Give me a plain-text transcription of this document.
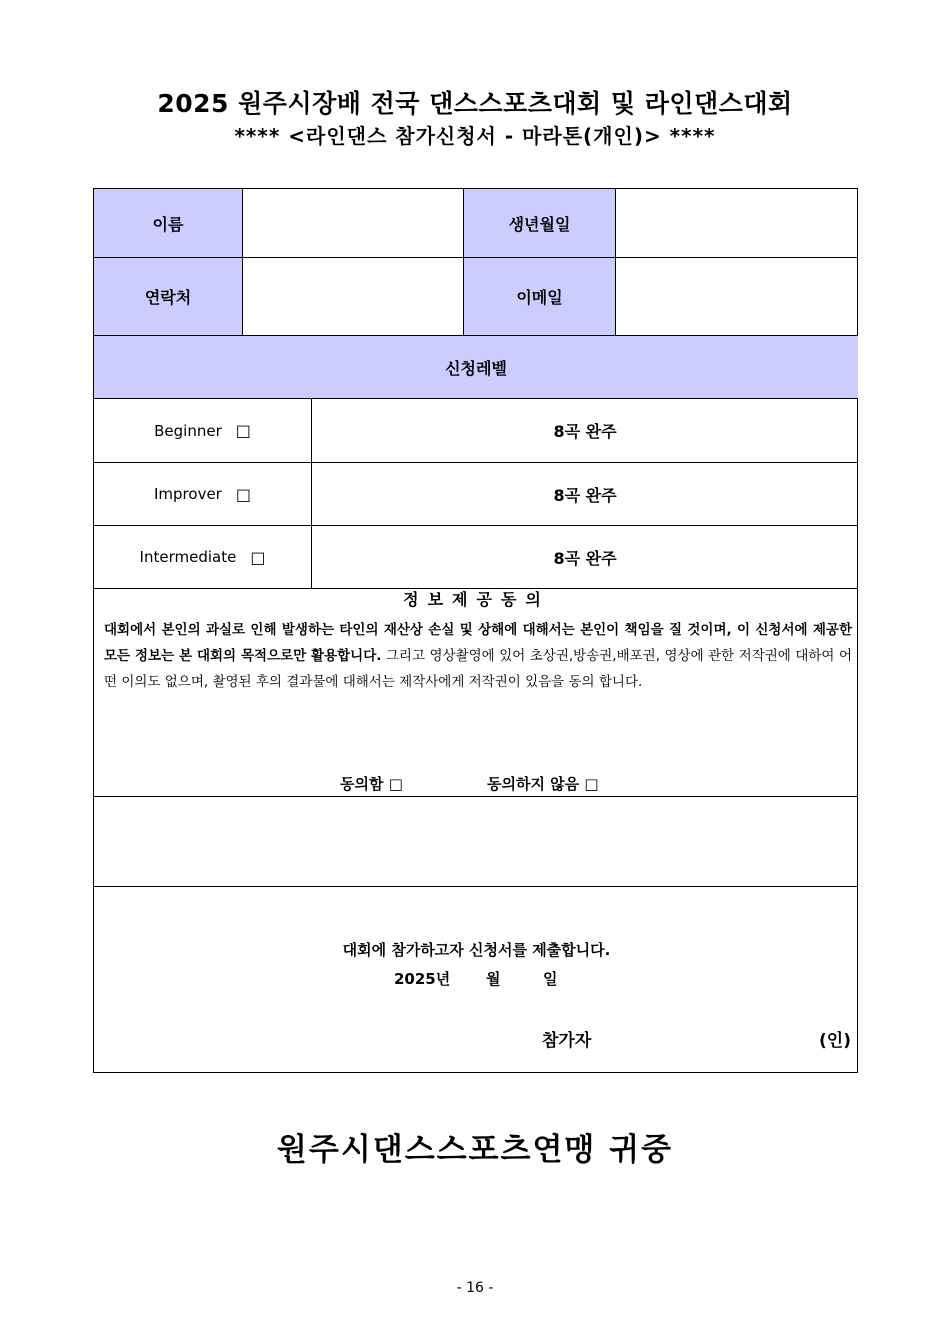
2025 원주시장배 전국 댄스스포츠대회 및 라인댄스대회
**** <라인댄스 참가신청서 - 마라톤(개인)> ****
이름	생년월일
연락처	이메일
신청레벨
Beginner □	8곡 완주
Improver □	8곡 완주
Intermediate □	8곡 완주
정보제공동의
대회에서 본인의 과실로 인해 발생하는 타인의 재산상 손실 및 상해에 대해서는 본인이 책임을 질 것이며, 이 신청서에 제공한 모든 정보는 본 대회의 목적으로만 활용합니다. 그리고 영상촬영에 있어 초상권,방송권,배포권, 영상에 관한 저작권에 대하여 어떤 이의도 없으며, 촬영된 후의 결과물에 대해서는 제작사에게 저작권이 있음을 동의 합니다.
동의함 □	동의하지 않음 □
대회에 참가하고자 신청서를 제출합니다.
2025년 월	일
참가자	(인)
원주시댄스스포츠연맹 귀중
- 16 -
